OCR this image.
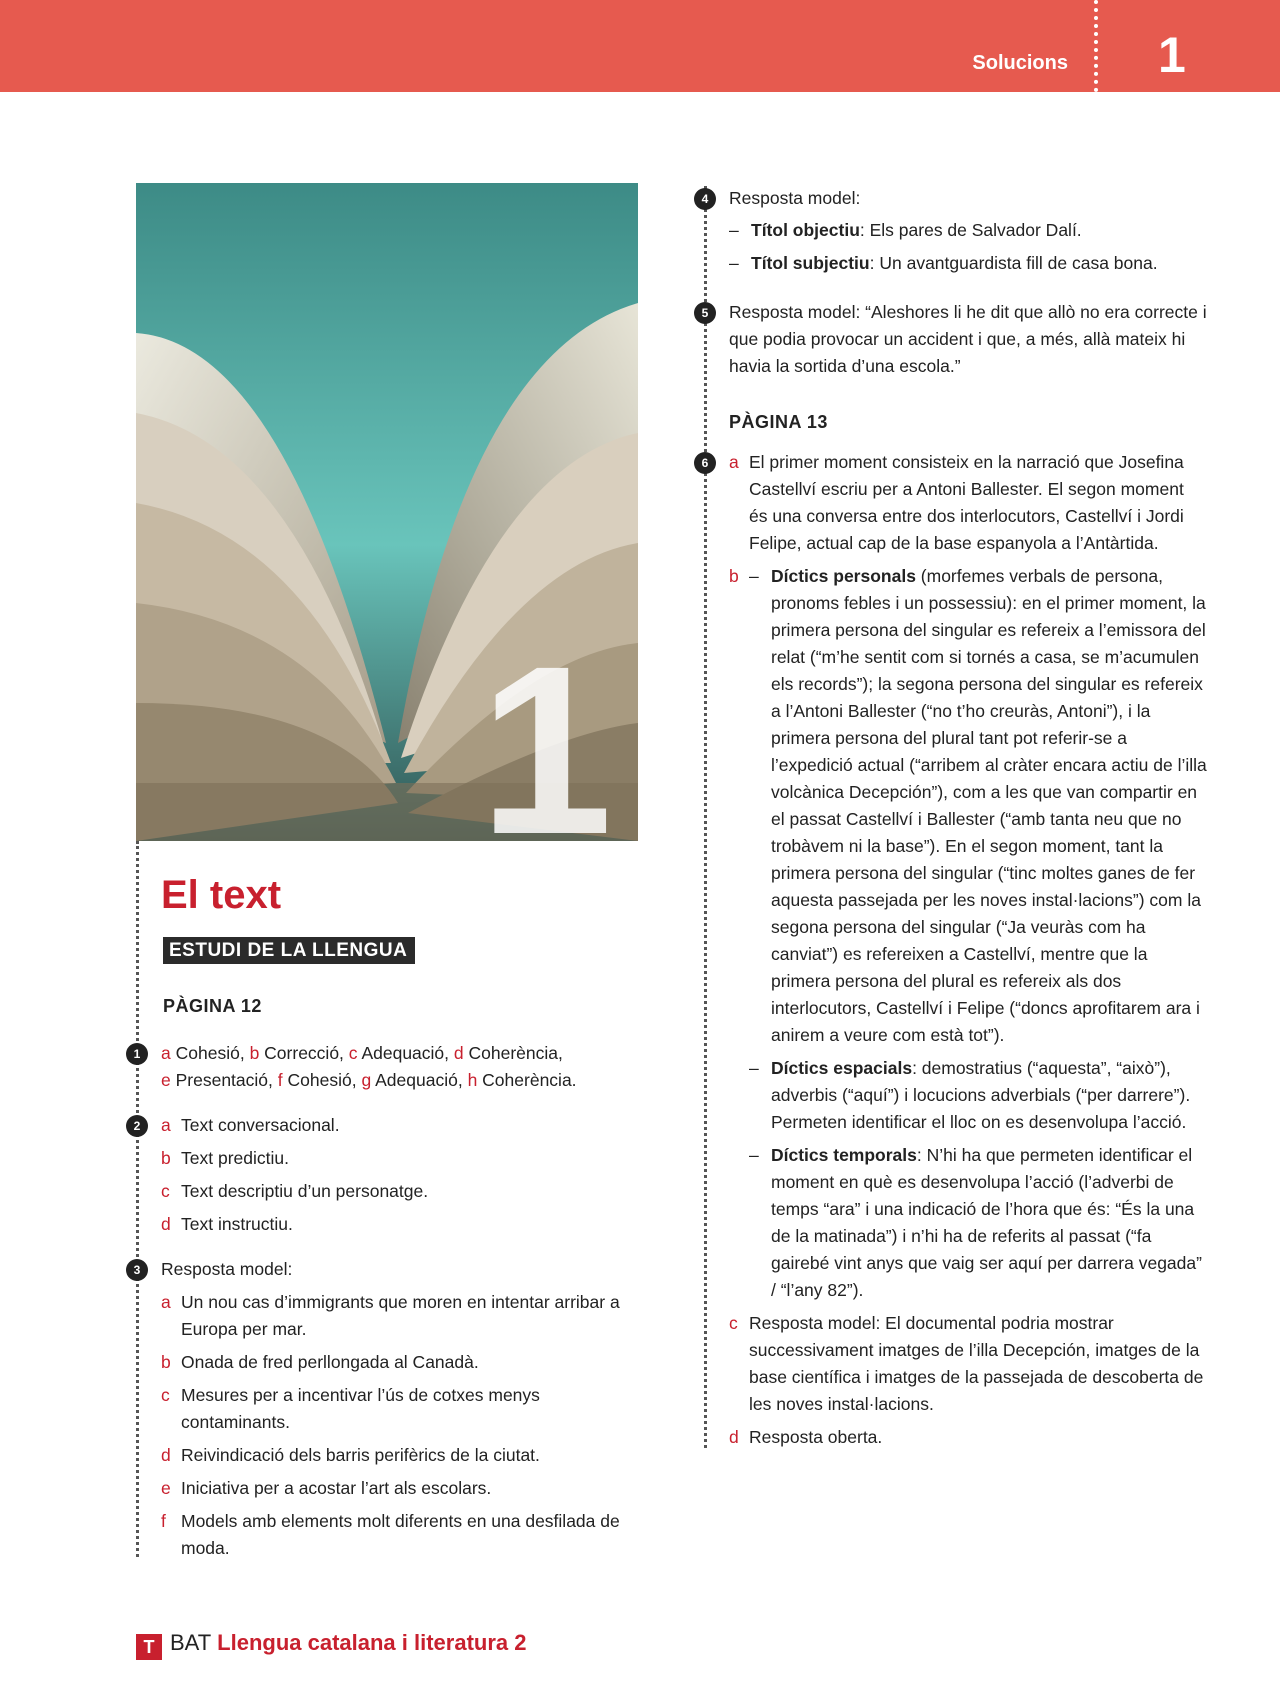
Solucions 1
1
El text
ESTUDI DE LA LLENGUA
PÀGINA 12
1	a Cohesió, b Correcció, c Adequació, d Coherència,
e Presentació, f Cohesió, g Adequació, h Coherència.
2	a Text conversacional.
b Text predictiu.
c Text descriptiu d’un personatge.
d Text instructiu.
3	Resposta model:
a Un nou cas d’immigrants que moren en intentar arribar a Europa per mar.
b Onada de fred perllongada al Canadà.
c Mesures per a incentivar l’ús de cotxes menys contaminants.
d Reivindicació dels barris perifèrics de la ciutat.
e Iniciativa per a acostar l’art als escolars.
f Models amb elements molt diferents en una desfilada de moda.
4	Resposta model:
– Títol objectiu: Els pares de Salvador Dalí.
– Títol subjectiu: Un avantguardista fill de casa bona.
5	Resposta model: “Aleshores li he dit que allò no era correcte i que podia provocar un accident i que, a més, allà mateix hi havia la sortida d’una escola.”
PÀGINA 13
6	a El primer moment consisteix en la narració que Josefina Castellví escriu per a Antoni Ballester. El segon moment és una conversa entre dos interlocutors, Castellví i Jordi Felipe, actual cap de la base espanyola a l’Antàrtida.
b – Díctics personals (morfemes verbals de persona, pronoms febles i un possessiu): en el primer moment, la primera persona del singular es refereix a l’emissora del relat (“m’he sentit com si tornés a casa, se m’acumulen els records”); la segona persona del singular es refereix a l’Antoni Ballester (“no t’ho creuràs, Antoni”), i la primera persona del plural tant pot referir-se a l’expedició actual (“arribem al cràter encara actiu de l’illa volcànica Decepción”), com a les que van compartir en el passat Castellví i Ballester (“amb tanta neu que no trobàvem ni la base”). En el segon moment, tant la primera persona del singular (“tinc moltes ganes de fer aquesta passejada per les noves instal·lacions”) com la segona persona del singular (“Ja veuràs com ha canviat”) es refereixen a Castellví, mentre que la primera persona del plural es refereix als dos interlocutors, Castellví i Felipe (“doncs aprofitarem ara i anirem a veure com està tot”).
– Díctics espacials: demostratius (“aquesta”, “això”), adverbis (“aquí”) i locucions adverbials (“per darrere”). Permeten identificar el lloc on es desenvolupa l’acció.
– Díctics temporals: N’hi ha que permeten identificar el moment en què es desenvolupa l’acció (l’adverbi de temps “ara” i una indicació de l’hora que és: “És la una de la matinada”) i n’hi ha de referits al passat (“fa gairebé vint anys que vaig ser aquí per darrera vegada” / “l’any 82”).
c Resposta model: El documental podria mostrar successivament imatges de l’illa Decepción, imatges de la base científica i imatges de la passejada de descoberta de les noves instal·lacions.
d Resposta oberta.
T BAT Llengua catalana i literatura 2
